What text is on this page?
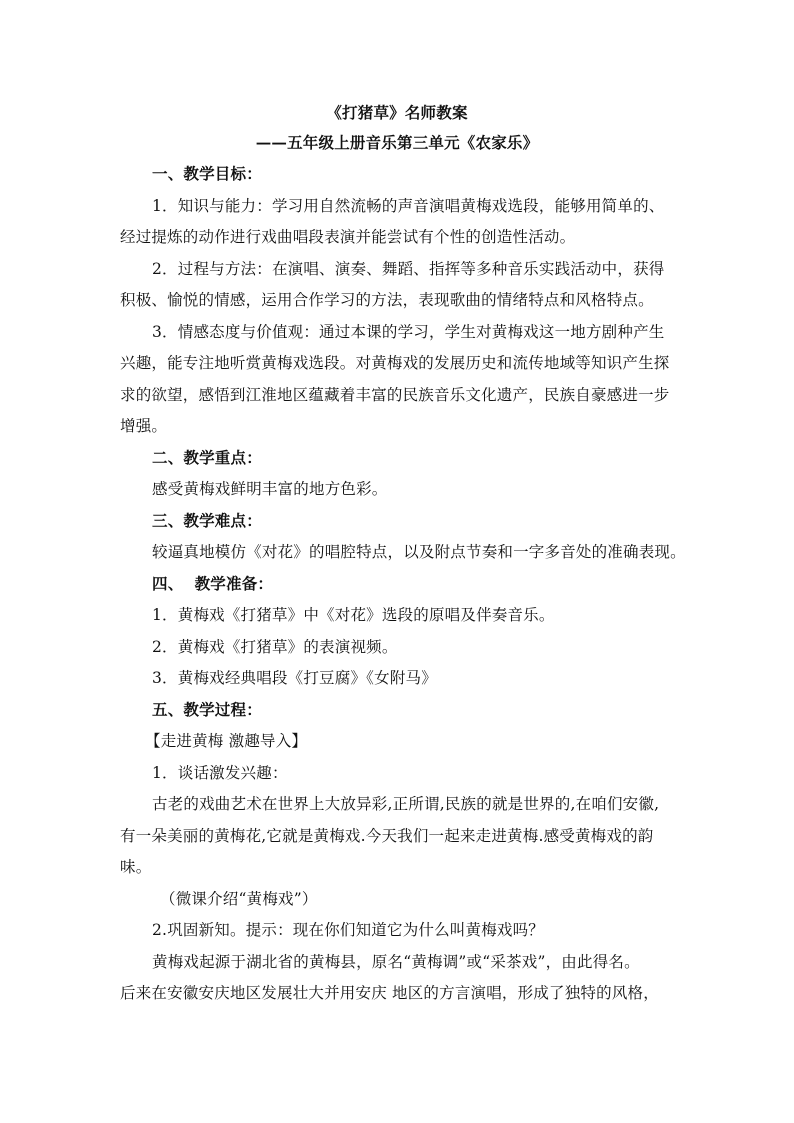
《打猪草》名师教案
——五年级上册音乐第三单元《农家乐》
一、教学目标：
1．知识与能力：学习用自然流畅的声音演唱黄梅戏选段，能够用简单的、
经过提炼的动作进行戏曲唱段表演并能尝试有个性的创造性活动。
2．过程与方法：在演唱、演奏、舞蹈、指挥等多种音乐实践活动中，获得
积极、愉悦的情感，运用合作学习的方法，表现歌曲的情绪特点和风格特点。
3．情感态度与价值观：通过本课的学习，学生对黄梅戏这一地方剧种产生
兴趣，能专注地听赏黄梅戏选段。对黄梅戏的发展历史和流传地域等知识产生探
求的欲望，感悟到江淮地区蕴藏着丰富的民族音乐文化遗产，民族自豪感进一步
增强。
二、教学重点：
感受黄梅戏鲜明丰富的地方色彩。
三、教学难点：
较逼真地模仿《对花》的唱腔特点，以及附点节奏和一字多音处的准确表现。
四、  教学准备：
1．黄梅戏《打猪草》中《对花》选段的原唱及伴奏音乐。
2．黄梅戏《打猪草》的表演视频。
3．黄梅戏经典唱段《打豆腐》《女附马》
五、教学过程：
【走进黄梅 激趣导入】
1．谈话激发兴趣：
古老的戏曲艺术在世界上大放异彩,正所谓,民族的就是世界的,在咱们安徽,
有一朵美丽的黄梅花,它就是黄梅戏.今天我们一起来走进黄梅.感受黄梅戏的韵
味。
（微课介绍“黄梅戏”）
2.巩固新知。提示：现在你们知道它为什么叫黄梅戏吗？
黄梅戏起源于湖北省的黄梅县，原名“黄梅调”或“采茶戏”，由此得名。
后来在安徽安庆地区发展壮大并用安庆 地区的方言演唱，形成了独特的风格，
